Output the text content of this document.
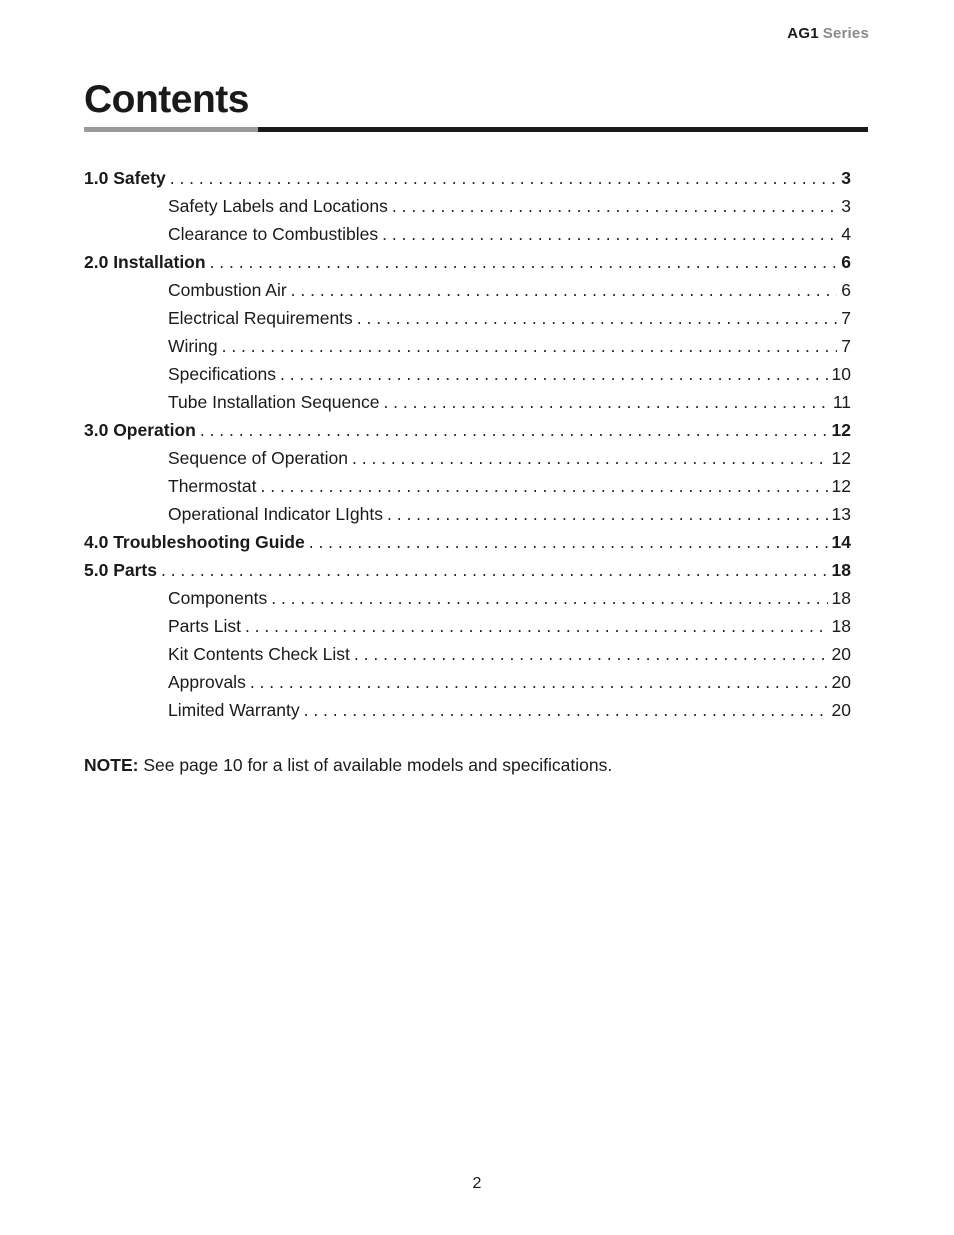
AG1 Series
Contents
1.0 Safety . . .	3
Safety Labels and Locations . . .	3
Clearance to Combustibles . . .	4
2.0 Installation . . .	6
Combustion Air . . .	6
Electrical Requirements . . .	7
Wiring . . .	7
Specifications . . .	10
Tube Installation Sequence . . .	11
3.0 Operation . . .	12
Sequence of Operation . . .	12
Thermostat . . .	12
Operational Indicator LIghts . . .	13
4.0 Troubleshooting Guide . . .	14
5.0 Parts . . .	18
Components . . .	18
Parts List . . .	18
Kit Contents Check List . . .	20
Approvals . . .	20
Limited Warranty . . .	20

NOTE: See page 10 for a list of available models and specifications.

2
